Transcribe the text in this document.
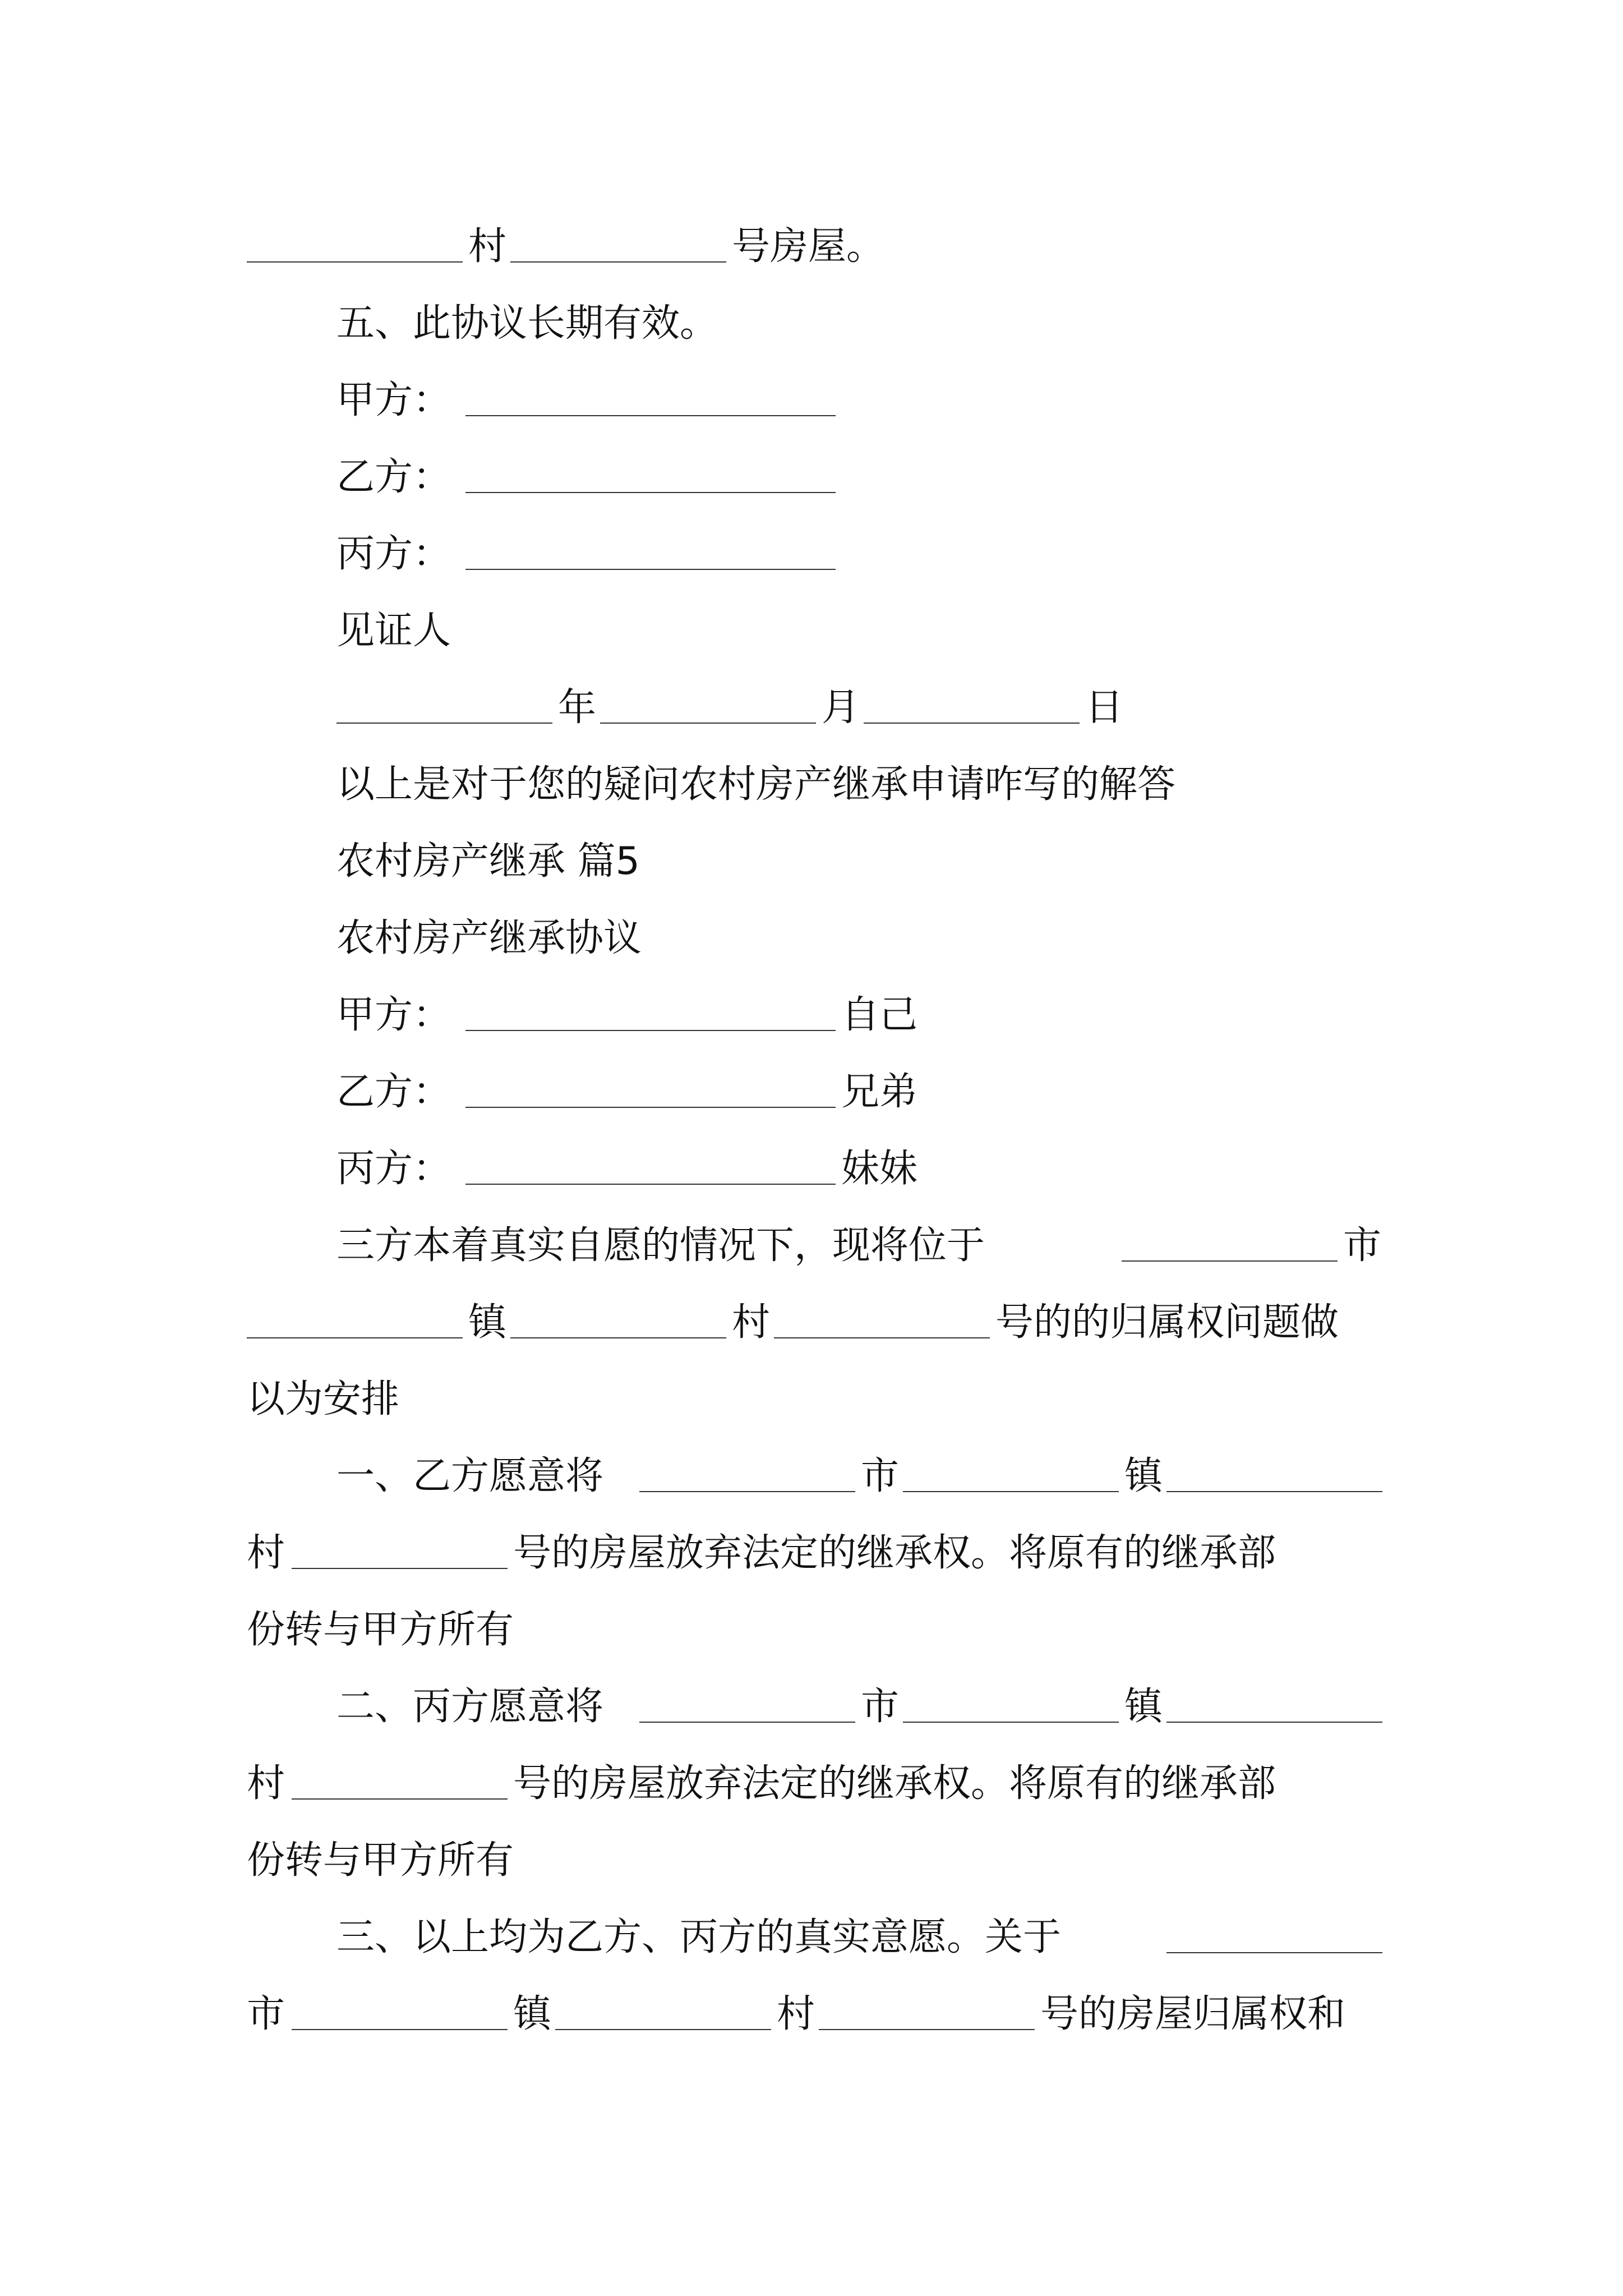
村	号房屋。
五、此协议长期有效。
甲方：
乙方：
丙方：
见证人
年	月	日
以上是对于您的疑问农村房产继承申请咋写的解答
农村房产继承 篇5
农村房产继承协议
甲方：	自己
乙方：	兄弟
丙方：	妹妹
三方本着真实自愿的情况下，现将位于	市
镇	村	号的的归属权问题做
以为安排
一、乙方愿意将	市	镇
村	号的房屋放弃法定的继承权。将原有的继承部
份转与甲方所有
二、丙方愿意将	市	镇
村	号的房屋放弃法定的继承权。将原有的继承部
份转与甲方所有
三、以上均为乙方、丙方的真实意愿。关于
市	镇	村	号的房屋归属权和
